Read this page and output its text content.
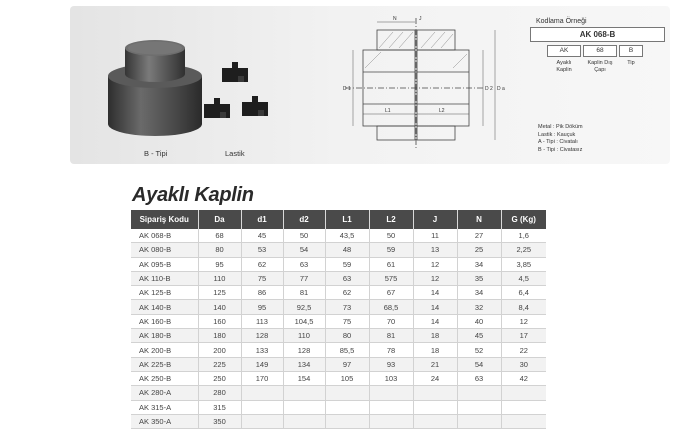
B - Tipi	Lastik
D 1	D 2 D a
L1	L2
N	J	Kodlama Örneği
AK 068-B
AK
Ayaklı Kaplin
68
Kaplin Dış Çapı
B
Tip
Metal : Pik Döküm
Lastik : Kauçuk
A - Tipi : Civatalı
B - Tipi : Civatasız
Ayaklı Kaplin
Sipariş Kodu	Da	d1	d2	L1	L2	J	N	G (Kg)
AK 068-B	68	45	50	43,5	50	11	27	1,6
AK 080-B	80	53	54	48	59	13	25	2,25
AK 095-B	95	62	63	59	61	12	34	3,85
AK 110-B	110	75	77	63	575	12	35	4,5
AK 125-B	125	86	81	62	67	14	34	6,4
AK 140-B	140	95	92,5	73	68,5	14	32	8,4
AK 160-B	160	113	104,5	75	70	14	40	12
AK 180-B	180	128	110	80	81	18	45	17
AK 200-B	200	133	128	85,5	78	18	52	22
AK 225-B	225	149	134	97	93	21	54	30
AK 250-B	250	170	154	105	103	24	63	42
AK 280-A	280							
AK 315-A	315							
AK 350-A	350							
